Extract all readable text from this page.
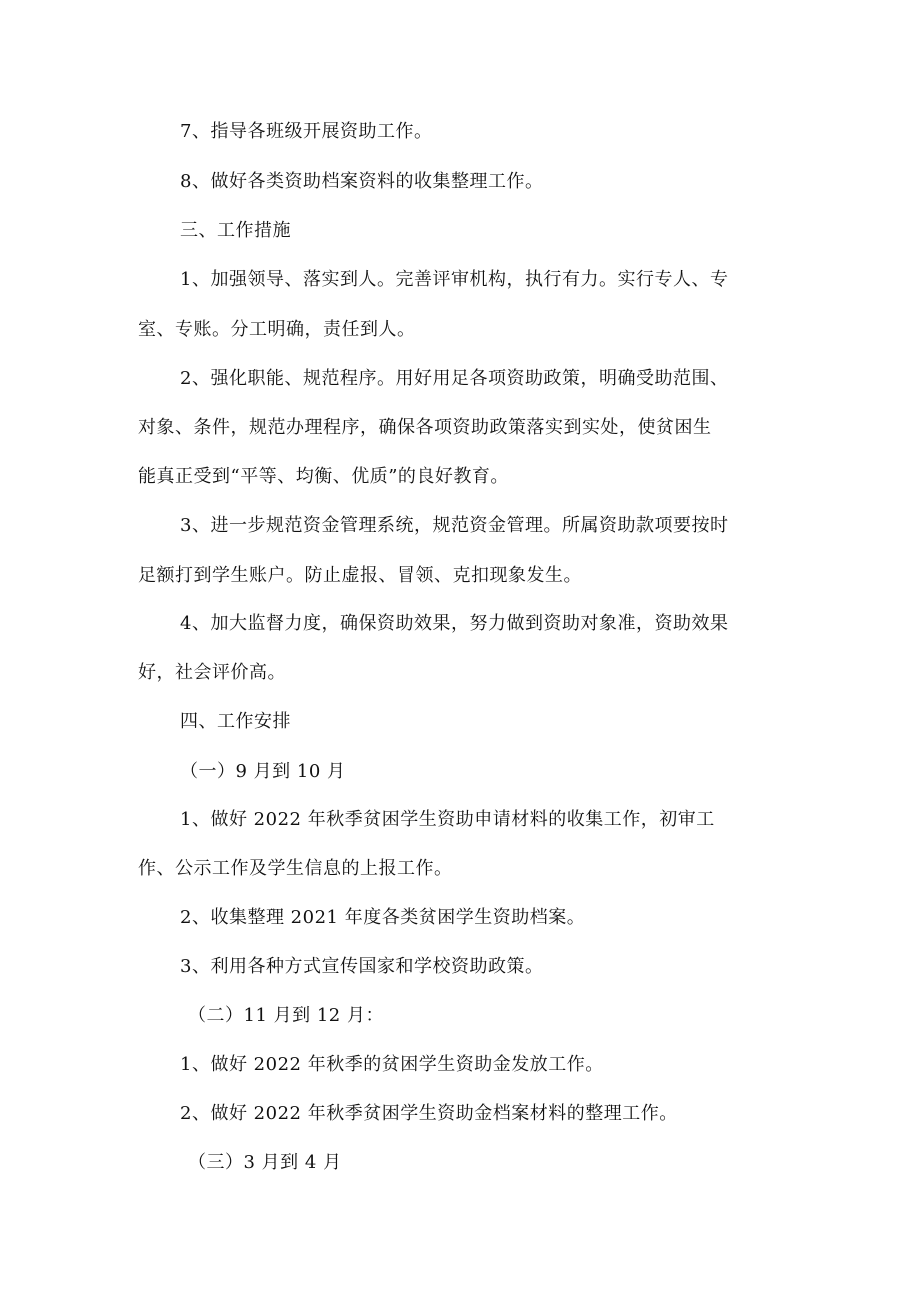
7、指导各班级开展资助工作。
8、做好各类资助档案资料的收集整理工作。
三、工作措施
1、加强领导、落实到人。完善评审机构，执行有力。实行专人、专
室、专账。分工明确，责任到人。
2、强化职能、规范程序。用好用足各项资助政策，明确受助范围、
对象、条件，规范办理程序，确保各项资助政策落实到实处，使贫困生
能真正受到“平等、均衡、优质”的良好教育。
3、进一步规范资金管理系统，规范资金管理。所属资助款项要按时
足额打到学生账户。防止虚报、冒领、克扣现象发生。
4、加大监督力度，确保资助效果，努力做到资助对象准，资助效果
好，社会评价高。
四、工作安排
（一）9 月到 10 月
1、做好 2022 年秋季贫困学生资助申请材料的收集工作，初审工
作、公示工作及学生信息的上报工作。
2、收集整理 2021 年度各类贫困学生资助档案。
3、利用各种方式宣传国家和学校资助政策。
（二）11 月到 12 月：
1、做好 2022 年秋季的贫困学生资助金发放工作。
2、做好 2022 年秋季贫困学生资助金档案材料的整理工作。
（三）3 月到 4 月
